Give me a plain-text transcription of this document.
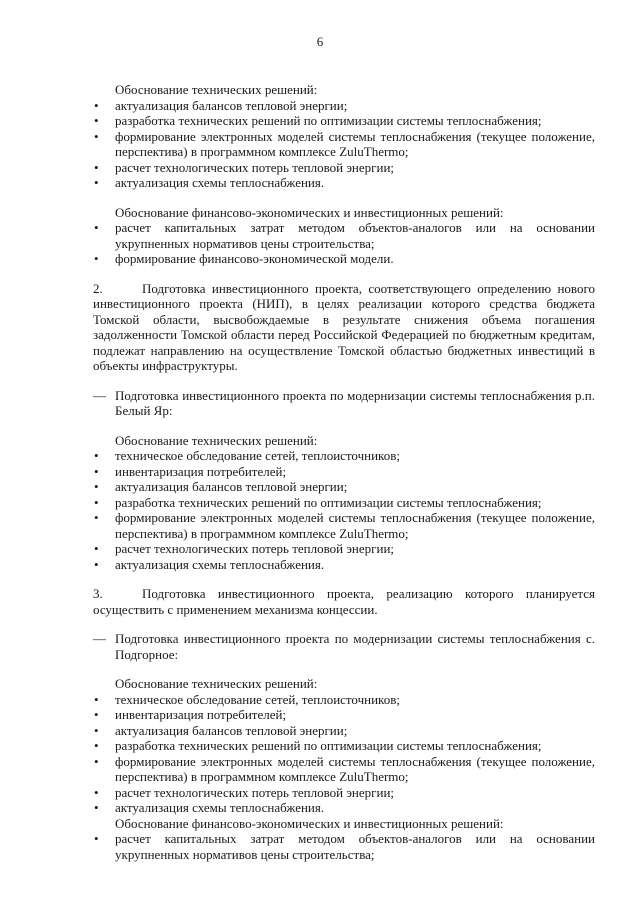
6
Обоснование технических решений:
• актуализация балансов тепловой энергии;
• разработка технических решений по оптимизации системы теплоснабжения;
• формирование электронных моделей системы теплоснабжения (текущее положение, перспектива) в программном комплексе ZuluThermo;
• расчет технологических потерь тепловой энергии;
• актуализация схемы теплоснабжения.
Обоснование финансово-экономических и инвестиционных решений:
• расчет капитальных затрат методом объектов-аналогов или на основании укрупненных нормативов цены строительства;
• формирование финансово-экономической модели.
2.	Подготовка инвестиционного проекта, соответствующего определению нового инвестиционного проекта (НИП), в целях реализации которого средства бюджета Томской области, высвобождаемые в результате снижения объема погашения задолженности Томской области перед Российской Федерацией по бюджетным кредитам, подлежат направлению на осуществление Томской областью бюджетных инвестиций в объекты инфраструктуры.
— Подготовка инвестиционного проекта по модернизации системы теплоснабжения р.п. Белый Яр:
Обоснование технических решений:
• техническое обследование сетей, теплоисточников;
• инвентаризация потребителей;
• актуализация балансов тепловой энергии;
• разработка технических решений по оптимизации системы теплоснабжения;
• формирование электронных моделей системы теплоснабжения (текущее положение, перспектива) в программном комплексе ZuluThermo;
• расчет технологических потерь тепловой энергии;
• актуализация схемы теплоснабжения.
3.	Подготовка инвестиционного проекта, реализацию которого планируется осуществить с применением механизма концессии.
— Подготовка инвестиционного проекта по модернизации системы теплоснабжения с. Подгорное:
Обоснование технических решений:
• техническое обследование сетей, теплоисточников;
• инвентаризация потребителей;
• актуализация балансов тепловой энергии;
• разработка технических решений по оптимизации системы теплоснабжения;
• формирование электронных моделей системы теплоснабжения (текущее положение, перспектива) в программном комплексе ZuluThermo;
• расчет технологических потерь тепловой энергии;
• актуализация схемы теплоснабжения.
Обоснование финансово-экономических и инвестиционных решений:
• расчет капитальных затрат методом объектов-аналогов или на основании укрупненных нормативов цены строительства;
